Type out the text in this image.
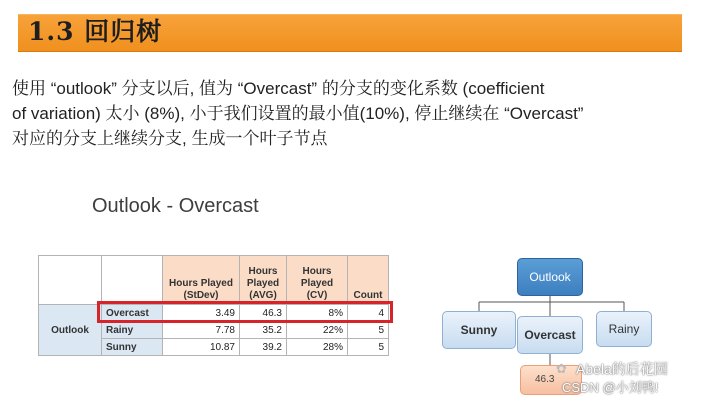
1.3 回归树
使用 “outlook” 分支以后, 值为 “Overcast” 的分支的变化系数 (coefficient
of variation) 太小 (8%), 小于我们设置的最小值(10%), 停止继续在 “Overcast”
对应的分支上继续分支, 生成一个叶子节点
Outlook - Overcast
		Hours Played (StDev)	Hours Played (AVG)	Hours Played (CV)	Count
Outlook	Overcast	3.49	46.3	8%	4
	Rainy	7.78	35.2	22%	5
	Sunny	10.87	39.2	28%	5
Outlook
Sunny	Overcast	Rainy
46.3
✿ Abela的后花园
CSDN @小刘鸭!
